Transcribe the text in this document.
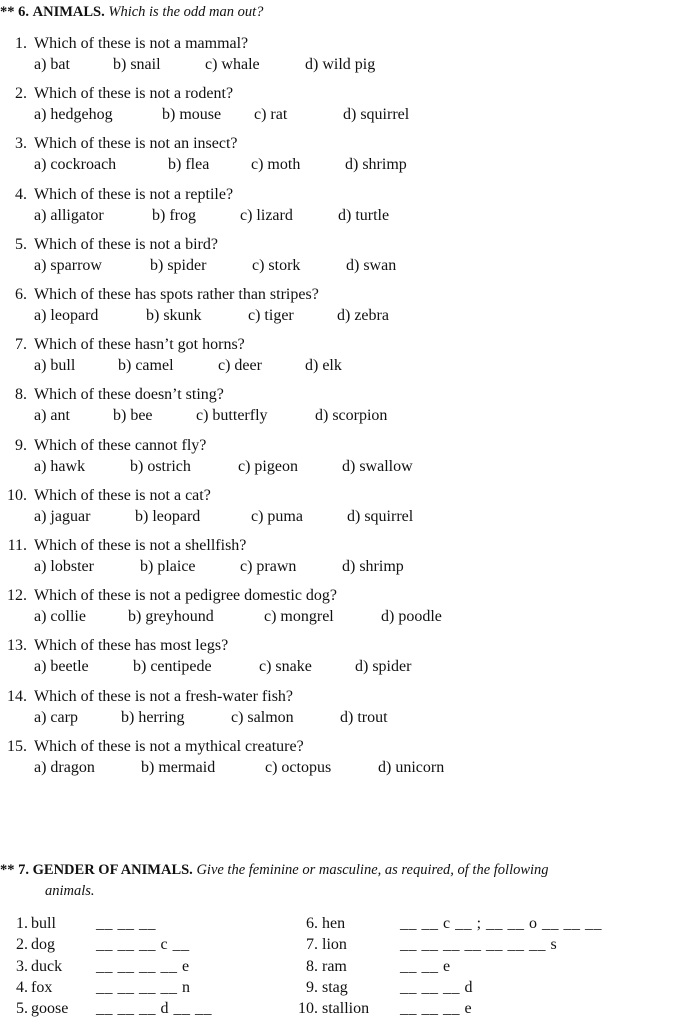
** 6. ANIMALS. Which is the odd man out?
1. Which of these is not a mammal?
a) bat	b) snail	c) whale	d) wild pig
2. Which of these is not a rodent?
a) hedgehog	b) mouse c) rat	d) squirrel
3. Which of these is not an insect?
a) cockroach	b) flea	c) moth	d) shrimp
4. Which of these is not a reptile?
a) alligator	b) frog	c) lizard	d) turtle
5. Which of these is not a bird?
a) sparrow	b) spider	c) stork	d) swan
6. Which of these has spots rather than stripes?
a) leopard	b) skunk	c) tiger	d) zebra
7. Which of these hasn’t got horns?
a) bull	b) camel	c) deer	d) elk
8. Which of these doesn’t sting?
a) ant	b) bee	c) butterfly	d) scorpion
9. Which of these cannot fly?
a) hawk	b) ostrich	c) pigeon	d) swallow
10. Which of these is not a cat?
a) jaguar	b) leopard	c) puma	d) squirrel
11. Which of these is not a shellfish?
a) lobster	b) plaice	c) prawn	d) shrimp
12. Which of these is not a pedigree domestic dog?
a) collie	b) greyhound	c) mongrel	d) poodle
13. Which of these has most legs?
a) beetle	b) centipede	c) snake	d) spider
14. Which of these is not a fresh-water fish?
a) carp	b) herring	c) salmon	d) trout
15. Which of these is not a mythical creature?
a) dragon	b) mermaid	c) octopus	d) unicorn
** 7. GENDER OF ANIMALS. Give the feminine or masculine, as required, of the following
animals.
1. bull	__ __ __
2. dog	__ __ __ c __
3. duck __ __ __ __ e
4. fox	__ __ __ __ n
5. goose __ __ __ d __ __
6. hen	__ __ c __ ; __ __ o __ __ __
7. lion	__ __ __ __ __ __ __ s
8. ram	__ __ e
9. stag	__ __ __ d
10. stallion __ __ __ e
